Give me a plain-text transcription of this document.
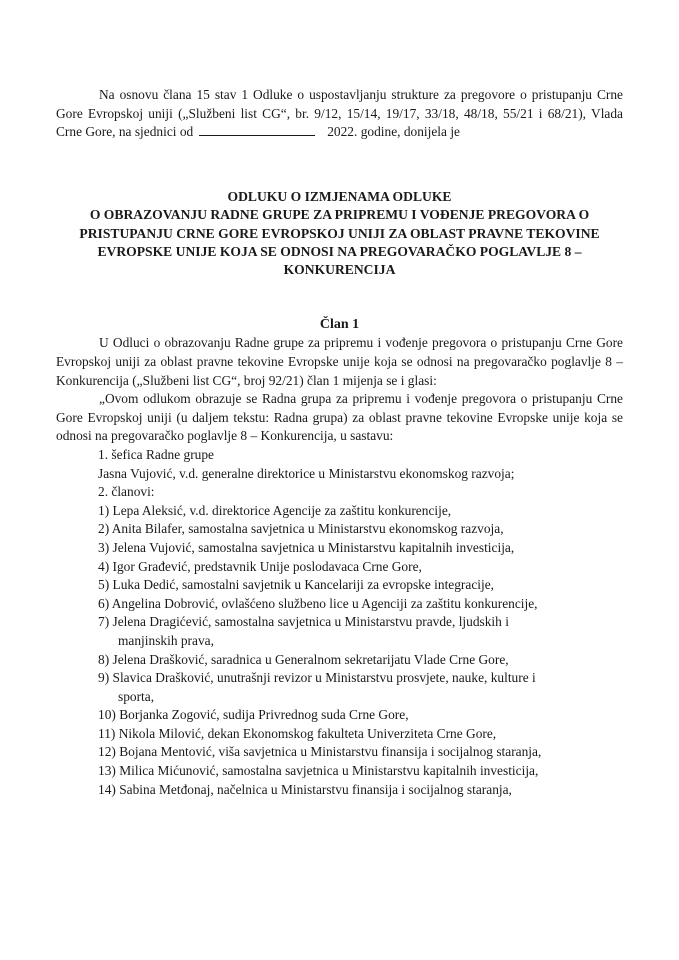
Na osnovu člana 15 stav 1 Odluke o uspostavljanju strukture za pregovore o pristupanju Crne Gore Evropskoj uniji („Službeni list CG“, br. 9/12, 15/14, 19/17, 33/18, 48/18, 55/21 i 68/21), Vlada Crne Gore, na sjednici od	2022. godine, donijela je

ODLUKU O IZMJENAMA ODLUKE

O OBRAZOVANJU RADNE GRUPE ZA PRIPREMU I VOĐENJE PREGOVORA O

PRISTUPANJU CRNE GORE EVROPSKOJ UNIJI ZA OBLAST PRAVNE TEKOVINE

EVROPSKE UNIJE KOJA SE ODNOSI NA PREGOVARAČKO POGLAVLJE 8 –

KONKURENCIJA

Član 1

U Odluci o obrazovanju Radne grupe za pripremu i vođenje pregovora o pristupanju Crne Gore Evropskoj uniji za oblast pravne tekovine Evropske unije koja se odnosi na pregovaračko poglavlje 8 – Konkurencija („Službeni list CG“, broj 92/21) član 1 mijenja se i glasi:

„Ovom odlukom obrazuje se Radna grupa za pripremu i vođenje pregovora o pristupanju Crne Gore Evropskoj uniji (u daljem tekstu: Radna grupa) za oblast pravne tekovine Evropske unije koja se odnosi na pregovaračko poglavlje 8 – Konkurencija, u sastavu:

1. šefica Radne grupe

Jasna Vujović, v.d. generalne direktorice u Ministarstvu ekonomskog razvoja;

2. članovi:

1) Lepa Aleksić, v.d. direktorice Agencije za zaštitu konkurencije,

2) Anita Bilafer, samostalna savjetnica u Ministarstvu ekonomskog razvoja,

3) Jelena Vujović, samostalna savjetnica u Ministarstvu kapitalnih investicija,

4) Igor Građević, predstavnik Unije poslodavaca Crne Gore,

5) Luka Dedić, samostalni savjetnik u Kancelariji za evropske integracije,

6) Angelina Dobrović, ovlašćeno službeno lice u Agenciji za zaštitu konkurencije,

7) Jelena Dragićević, samostalna savjetnica u Ministarstvu pravde, ljudskih i
manjinskih prava,

8) Jelena Drašković, saradnica u Generalnom sekretarijatu Vlade Crne Gore,

9) Slavica Drašković, unutrašnji revizor u Ministarstvu prosvjete, nauke, kulture i
sporta,

10) Borjanka Zogović, sudija Privrednog suda Crne Gore,

11) Nikola Milović, dekan Ekonomskog fakulteta Univerziteta Crne Gore,

12) Bojana Mentović, viša savjetnica u Ministarstvu finansija i socijalnog staranja,

13) Milica Mićunović, samostalna savjetnica u Ministarstvu kapitalnih investicija,

14) Sabina Metđonaj, načelnica u Ministarstvu finansija i socijalnog staranja,
